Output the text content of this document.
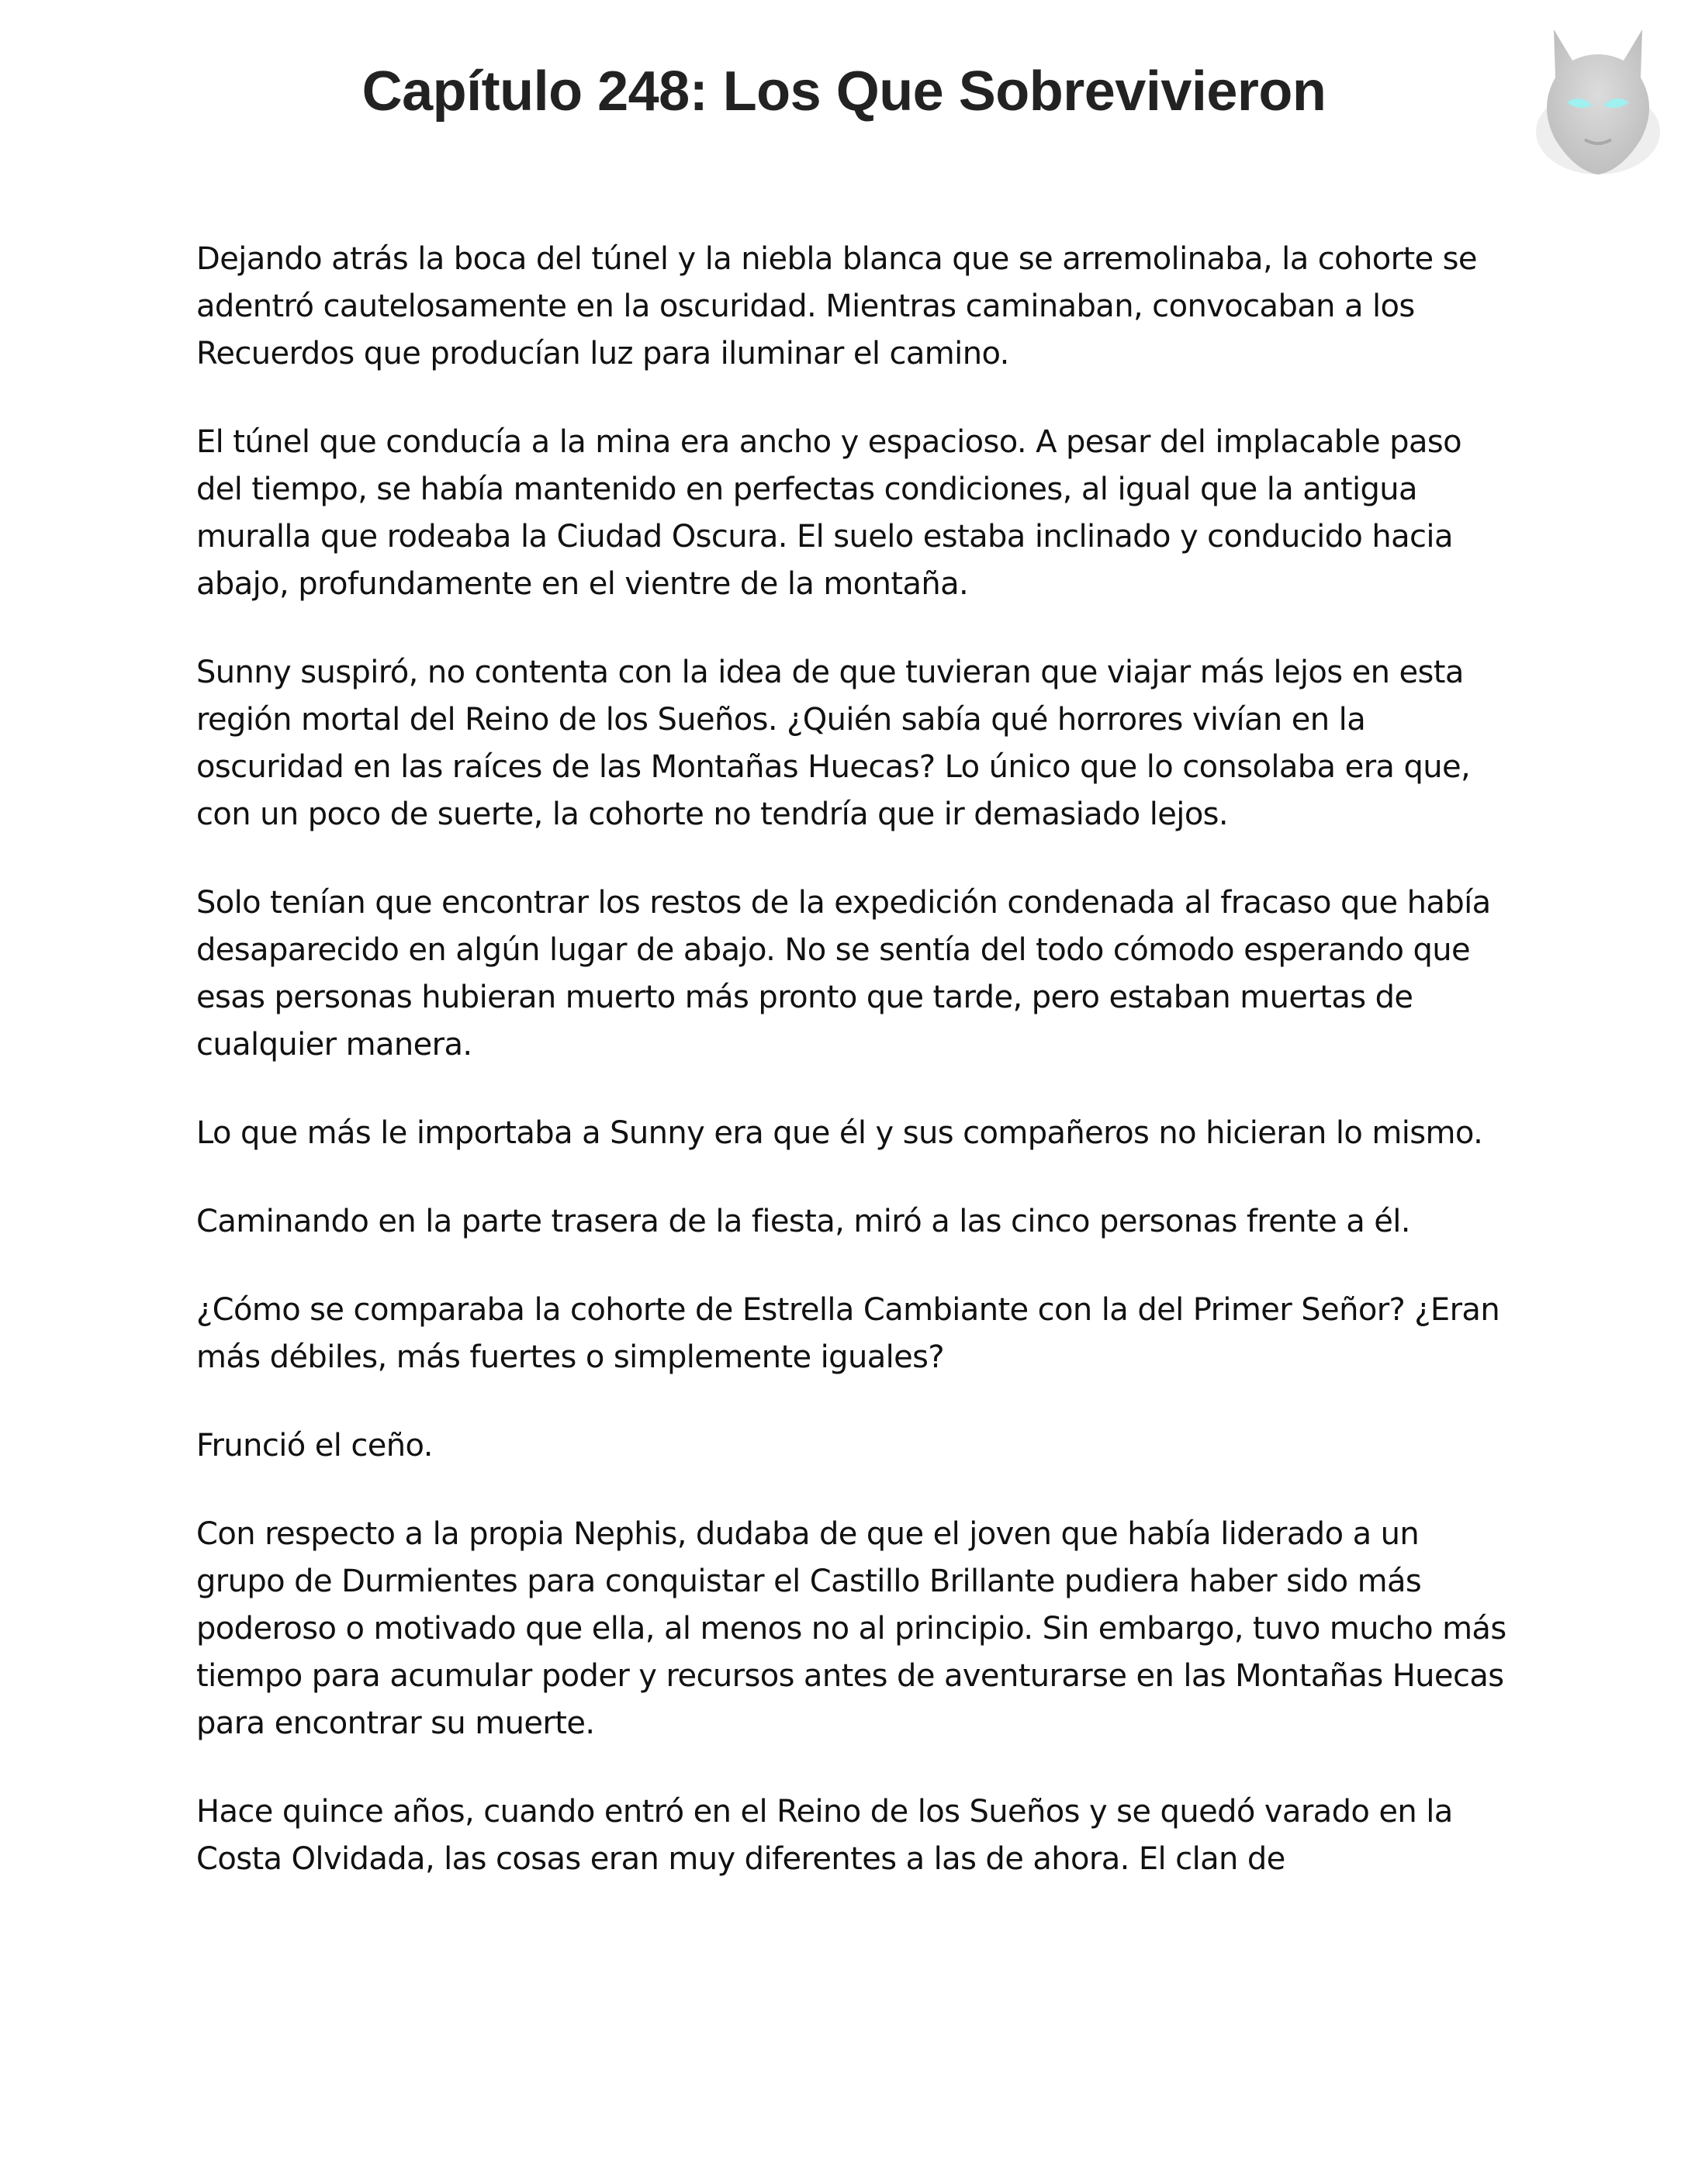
Capítulo 248: Los Que Sobrevivieron

Dejando atrás la boca del túnel y la niebla blanca que se arremolinaba, la cohorte se adentró cautelosamente en la oscuridad. Mientras caminaban, convocaban a los Recuerdos que producían luz para iluminar el camino.

El túnel que conducía a la mina era ancho y espacioso. A pesar del implacable paso del tiempo, se había mantenido en perfectas condiciones, al igual que la antigua muralla que rodeaba la Ciudad Oscura. El suelo estaba inclinado y conducido hacia abajo, profundamente en el vientre de la montaña.

Sunny suspiró, no contenta con la idea de que tuvieran que viajar más lejos en esta región mortal del Reino de los Sueños. ¿Quién sabía qué horrores vivían en la oscuridad en las raíces de las Montañas Huecas? Lo único que lo consolaba era que, con un poco de suerte, la cohorte no tendría que ir demasiado lejos.

Solo tenían que encontrar los restos de la expedición condenada al fracaso que había desaparecido en algún lugar de abajo. No se sentía del todo cómodo esperando que esas personas hubieran muerto más pronto que tarde, pero estaban muertas de cualquier manera.

Lo que más le importaba a Sunny era que él y sus compañeros no hicieran lo mismo.

Caminando en la parte trasera de la fiesta, miró a las cinco personas frente a él.

¿Cómo se comparaba la cohorte de Estrella Cambiante con la del Primer Señor? ¿Eran más débiles, más fuertes o simplemente iguales?

Frunció el ceño.

Con respecto a la propia Nephis, dudaba de que el joven que había liderado a un grupo de Durmientes para conquistar el Castillo Brillante pudiera haber sido más poderoso o motivado que ella, al menos no al principio. Sin embargo, tuvo mucho más tiempo para acumular poder y recursos antes de aventurarse en las Montañas Huecas para encontrar su muerte.

Hace quince años, cuando entró en el Reino de los Sueños y se quedó varado en la Costa Olvidada, las cosas eran muy diferentes a las de ahora. El clan de
